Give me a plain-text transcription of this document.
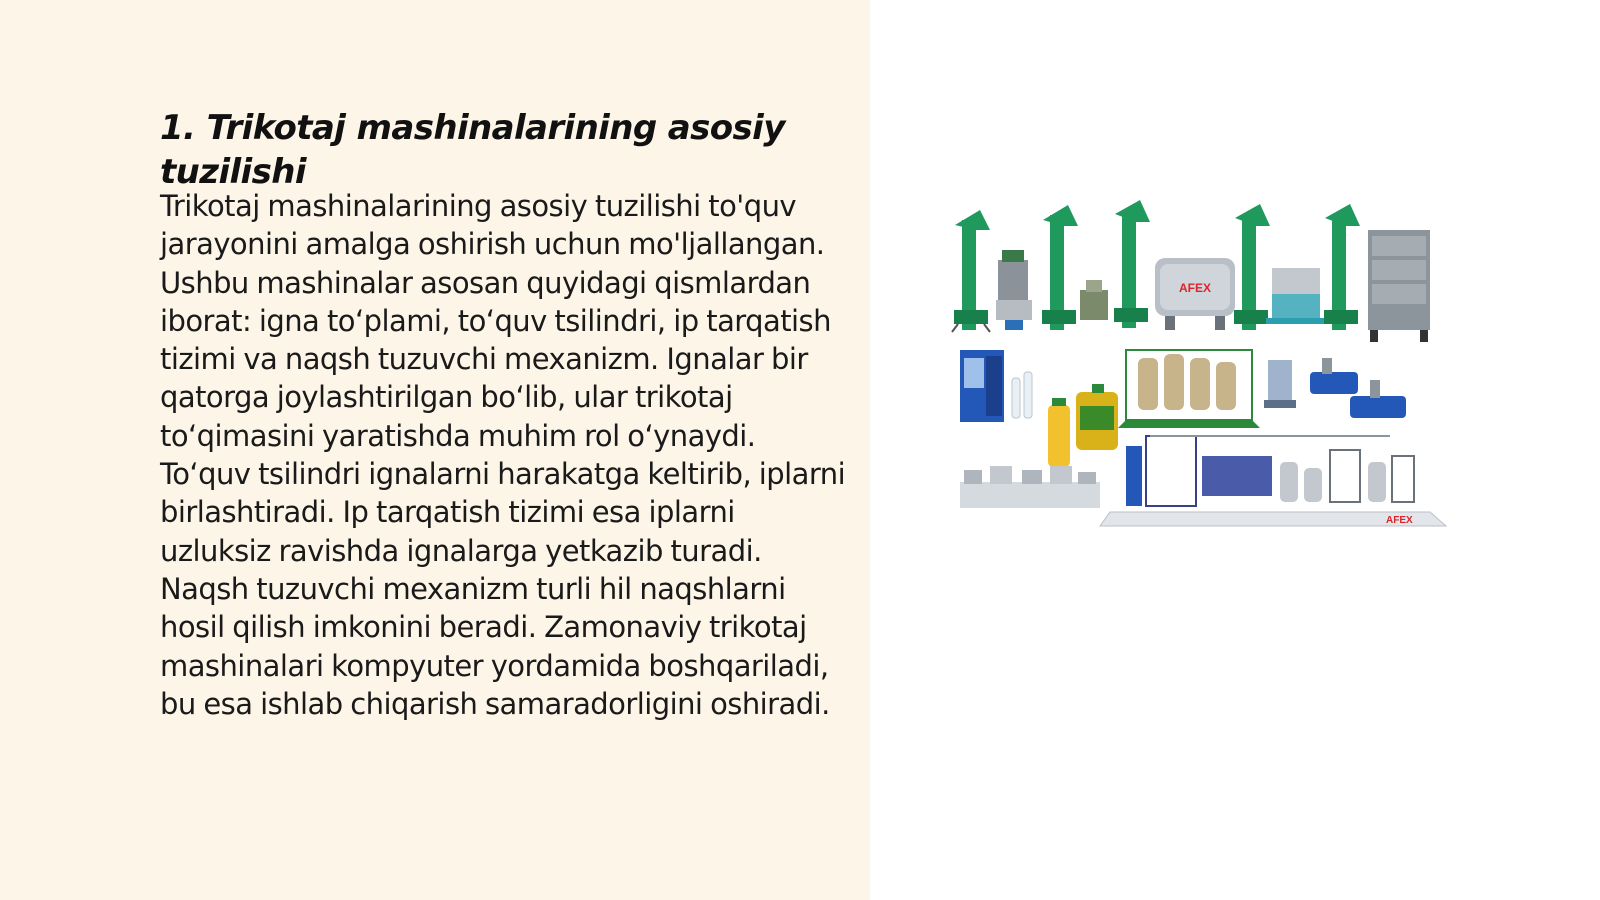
1. Trikotaj mashinalarining asosiy tuzilishi

Trikotaj mashinalarining asosiy tuzilishi to'quv jarayonini amalga oshirish uchun mo'ljallangan. Ushbu mashinalar asosan quyidagi qismlardan iborat: igna to‘plami, to‘quv tsilindri, ip tarqatish tizimi va naqsh tuzuvchi mexanizm. Ignalar bir qatorga joylashtirilgan bo‘lib, ular trikotaj to‘qimasini yaratishda muhim rol o‘ynaydi. To‘quv tsilindri ignalarni harakatga keltirib, iplarni birlashtiradi. Ip tarqatish tizimi esa iplarni uzluksiz ravishda ignalarga yetkazib turadi. Naqsh tuzuvchi mexanizm turli hil naqshlarni hosil qilish imkonini beradi. Zamonaviy trikotaj mashinalari kompyuter yordamida boshqariladi, bu esa ishlab chiqarish samaradorligini oshiradi.

AFEX
AFEX
